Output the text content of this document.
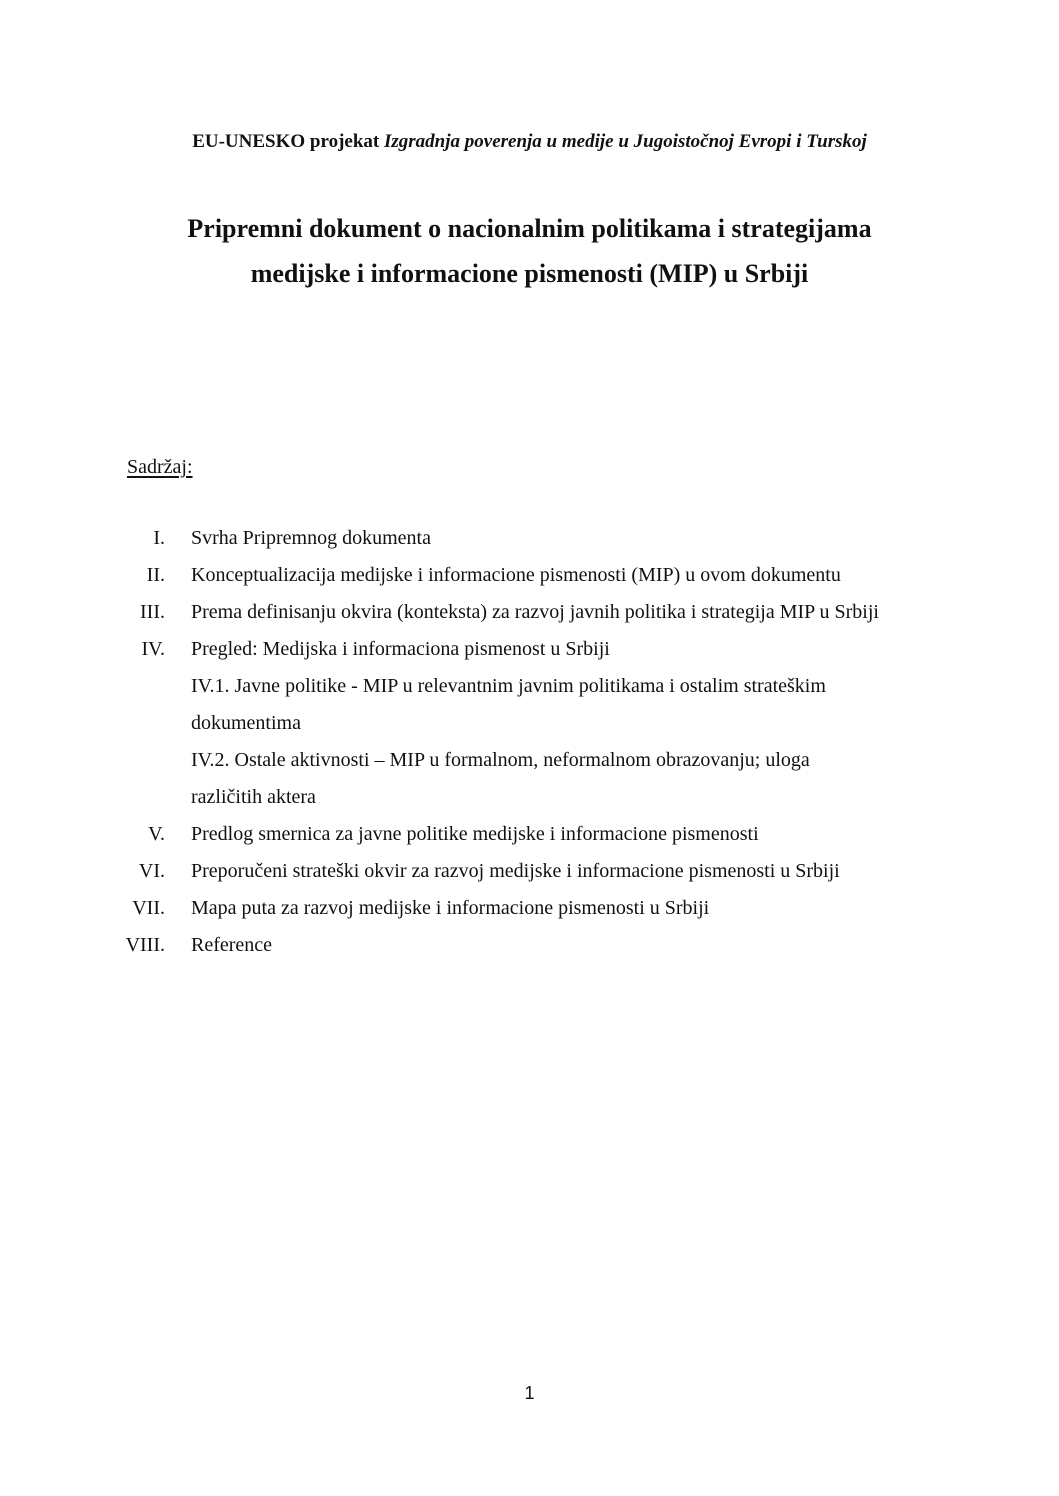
EU-UNESKO projekat Izgradnja poverenja u medije u Jugoistočnoj Evropi i Turskoj
Pripremni dokument o nacionalnim politikama i strategijama
medijske i informacione pismenosti (MIP) u Srbiji
Sadržaj:
I. Svrha Pripremnog dokumenta
II. Konceptualizacija medijske i informacione pismenosti (MIP) u ovom dokumentu
III. Prema definisanju okvira (konteksta) za razvoj javnih politika i strategija MIP u Srbiji
IV. Pregled: Medijska i informaciona pismenost u Srbiji
IV.1. Javne politike - MIP u relevantnim javnim politikama i ostalim strateškim
dokumentima
IV.2. Ostale aktivnosti – MIP u formalnom, neformalnom obrazovanju; uloga
različitih aktera
V. Predlog smernica za javne politike medijske i informacione pismenosti
VI. Preporučeni strateški okvir za razvoj medijske i informacione pismenosti u Srbiji
VII. Mapa puta za razvoj medijske i informacione pismenosti u Srbiji
VIII. Reference
1
